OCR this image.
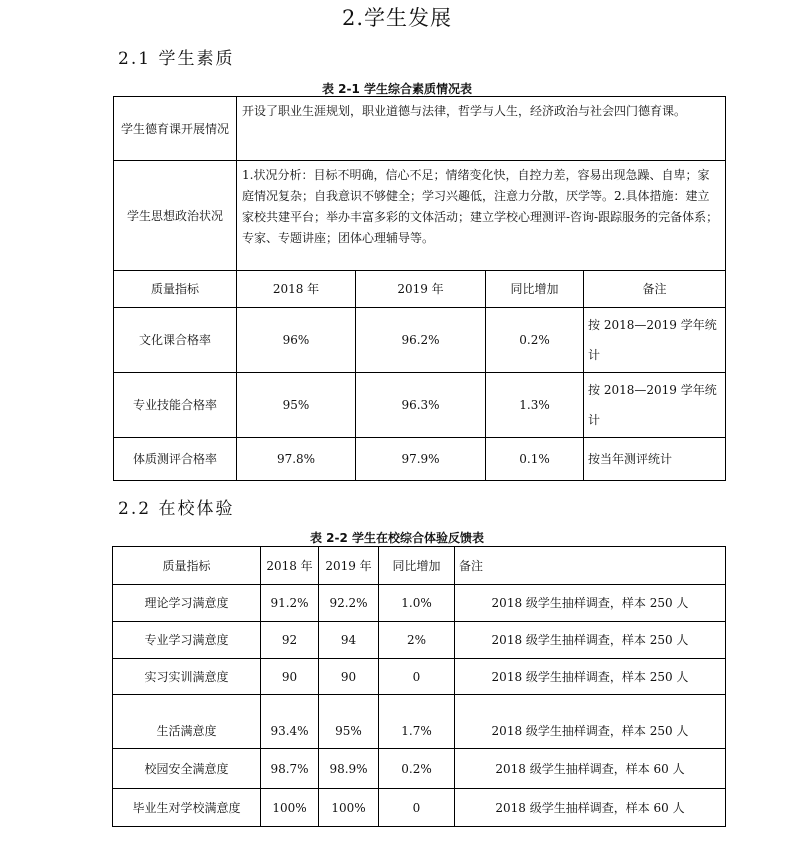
2.学生发展
2.1 学生素质
表 2-1 学生综合素质情况表
学生德育课开展情况	开设了职业生涯规划，职业道德与法律，哲学与人生，经济政治与社会四门德育课。			
学生思想政治状况	1.状况分析：目标不明确，信心不足；情绪变化快，自控力差，容易出现急躁、自卑；家庭情况复杂；自我意识不够健全；学习兴趣低，注意力分散，厌学等。2.具体措施：建立家校共建平台；举办丰富多彩的文体活动；建立学校心理测评-咨询-跟踪服务的完备体系；专家、专题讲座；团体心理辅导等。			
质量指标	2018 年	2019 年	同比增加	备注
文化课合格率	96%	96.2%	0.2%	按 2018—2019 学年统计
专业技能合格率	95%	96.3%	1.3%	按 2018—2019 学年统计
体质测评合格率	97.8%	97.9%	0.1%	按当年测评统计
2.2 在校体验
表 2-2 学生在校综合体验反馈表
质量指标	2018 年	2019 年	同比增加	备注
理论学习满意度	91.2%	92.2%	1.0%	2018 级学生抽样调查，样本 250 人
专业学习满意度	92	94	2%	2018 级学生抽样调查，样本 250 人
实习实训满意度	90	90	0	2018 级学生抽样调查，样本 250 人
生活满意度	93.4%	95%	1.7%	2018 级学生抽样调查，样本 250 人
校园安全满意度	98.7%	98.9%	0.2%	2018 级学生抽样调查，样本 60 人
毕业生对学校满意度	100%	100%	0	2018 级学生抽样调查，样本 60 人
